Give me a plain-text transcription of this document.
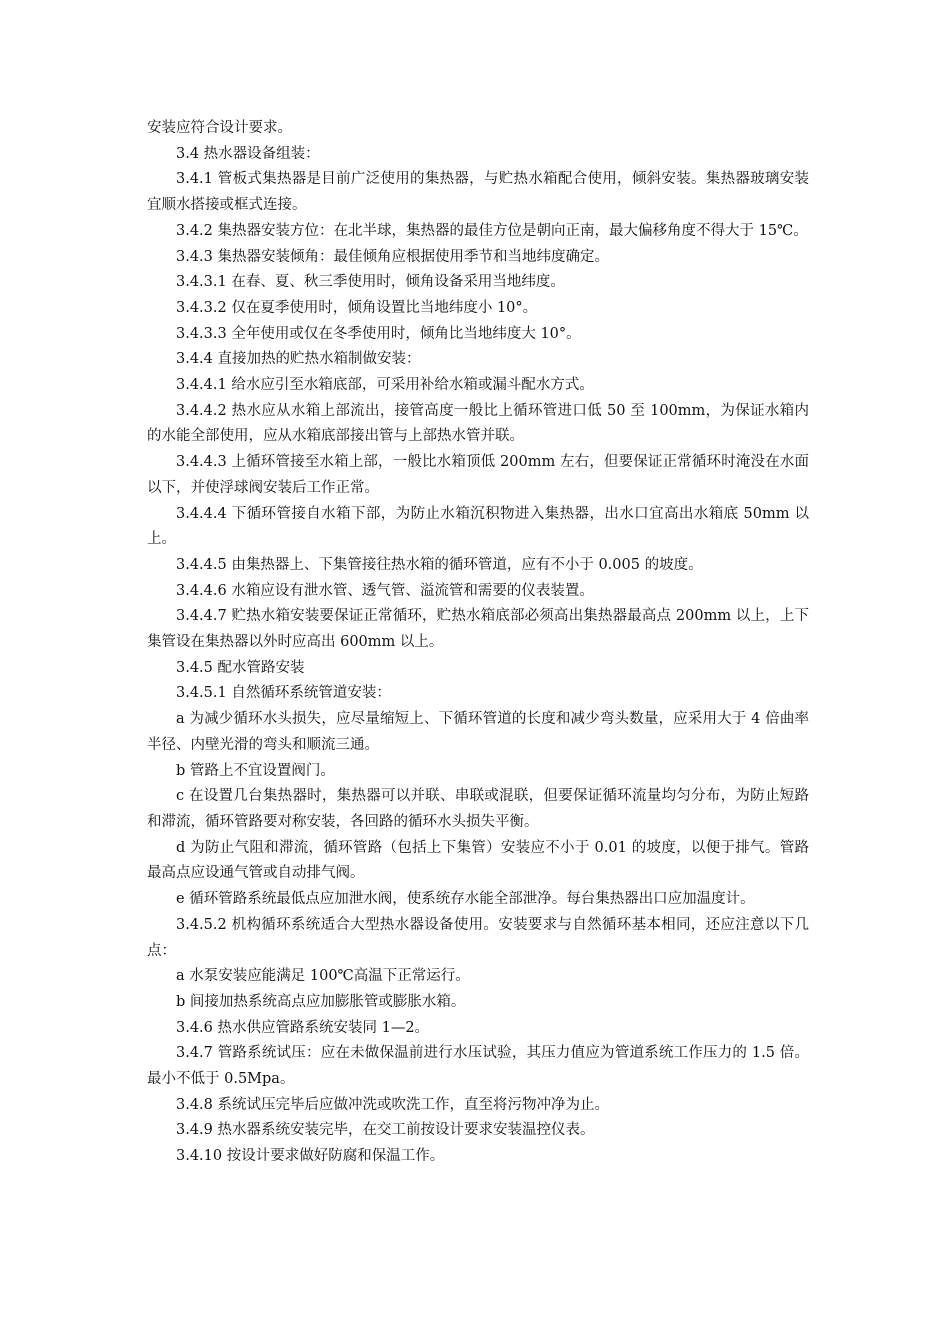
安装应符合设计要求。

3.4 热水器设备组装：

3.4.1 管板式集热器是目前广泛使用的集热器，与贮热水箱配合使用，倾斜安装。集热器玻璃安装宜顺水搭接或框式连接。

3.4.2 集热器安装方位：在北半球，集热器的最佳方位是朝向正南，最大偏移角度不得大于 15℃。

3.4.3 集热器安装倾角：最佳倾角应根据使用季节和当地纬度确定。

3.4.3.1 在春、夏、秋三季使用时，倾角设备采用当地纬度。

3.4.3.2 仅在夏季使用时，倾角设置比当地纬度小 10°。

3.4.3.3 全年使用或仅在冬季使用时，倾角比当地纬度大 10°。

3.4.4 直接加热的贮热水箱制做安装：

3.4.4.1 给水应引至水箱底部，可采用补给水箱或漏斗配水方式。

3.4.4.2 热水应从水箱上部流出，接管高度一般比上循环管进口低 50 至 100mm，为保证水箱内的水能全部使用，应从水箱底部接出管与上部热水管并联。

3.4.4.3 上循环管接至水箱上部，一般比水箱顶低 200mm 左右，但要保证正常循环时淹没在水面以下，并使浮球阀安装后工作正常。

3.4.4.4 下循环管接自水箱下部，为防止水箱沉积物进入集热器，出水口宜高出水箱底 50mm 以上。

3.4.4.5 由集热器上、下集管接往热水箱的循环管道，应有不小于 0.005 的坡度。

3.4.4.6 水箱应设有泄水管、透气管、溢流管和需要的仪表装置。

3.4.4.7 贮热水箱安装要保证正常循环，贮热水箱底部必须高出集热器最高点 200mm 以上，上下集管设在集热器以外时应高出 600mm 以上。

3.4.5 配水管路安装

3.4.5.1 自然循环系统管道安装：

a 为减少循环水头损失，应尽量缩短上、下循环管道的长度和减少弯头数量，应采用大于 4 倍曲率半径、内壁光滑的弯头和顺流三通。

b 管路上不宜设置阀门。

c 在设置几台集热器时，集热器可以并联、串联或混联，但要保证循环流量均匀分布，为防止短路和滞流，循环管路要对称安装，各回路的循环水头损失平衡。

d 为防止气阻和滞流，循环管路（包括上下集管）安装应不小于 0.01 的坡度，以便于排气。管路最高点应设通气管或自动排气阀。

e 循环管路系统最低点应加泄水阀，使系统存水能全部泄净。每台集热器出口应加温度计。

3.4.5.2 机构循环系统适合大型热水器设备使用。安装要求与自然循环基本相同，还应注意以下几点：

a 水泵安装应能满足 100℃高温下正常运行。

b 间接加热系统高点应加膨胀管或膨胀水箱。

3.4.6 热水供应管路系统安装同 1—2。

3.4.7 管路系统试压：应在未做保温前进行水压试验，其压力值应为管道系统工作压力的 1.5 倍。最小不低于 0.5Mpa。

3.4.8 系统试压完毕后应做冲洗或吹洗工作，直至将污物冲净为止。

3.4.9 热水器系统安装完毕，在交工前按设计要求安装温控仪表。

3.4.10 按设计要求做好防腐和保温工作。
